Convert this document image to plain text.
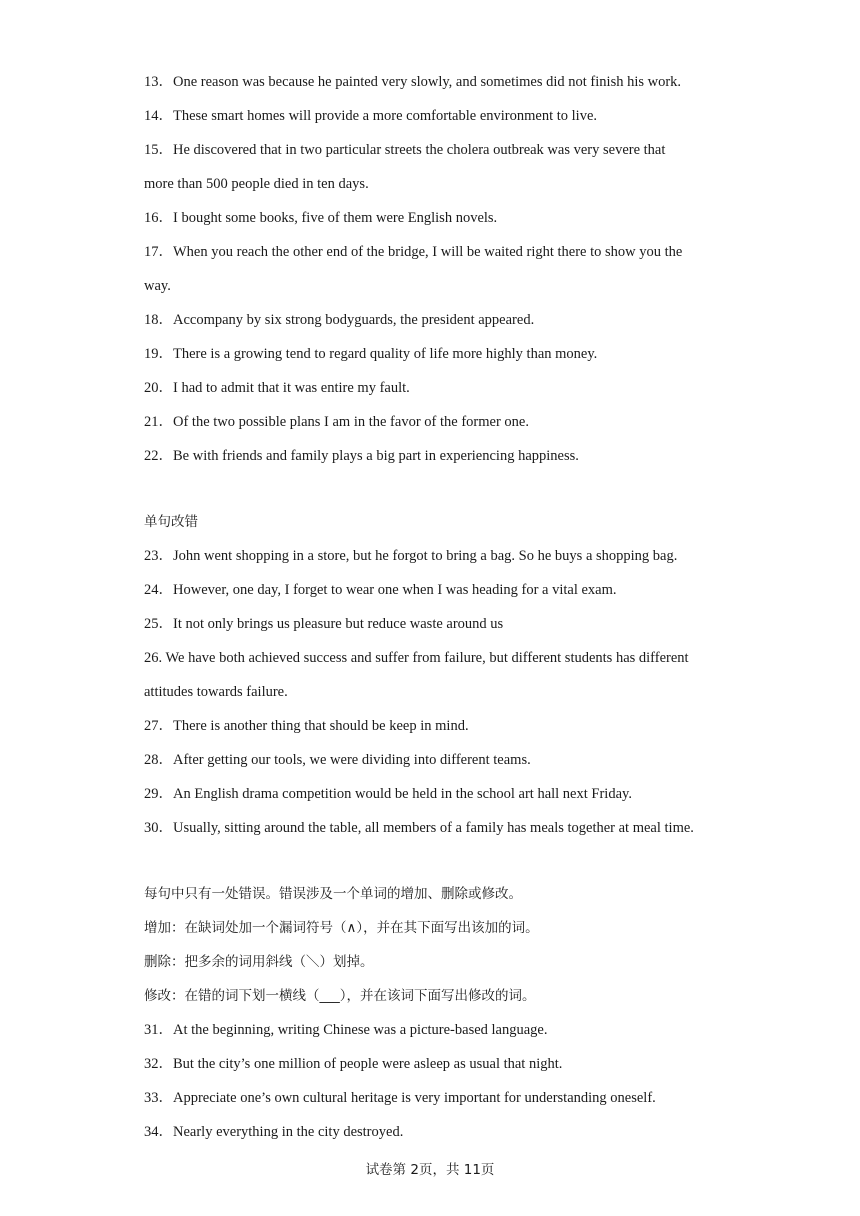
13．One reason was because he painted very slowly, and sometimes did not finish his work.
14．These smart homes will provide a more comfortable environment to live.
15．He discovered that in two particular streets the cholera outbreak was very severe that
more than 500 people died in ten days.
16．I bought some books, five of them were English novels.
17．When you reach the other end of the bridge, I will be waited right there to show you the
way.
18．Accompany by six strong bodyguards, the president appeared.
19．There is a growing tend to regard quality of life more highly than money.
20．I had to admit that it was entire my fault.
21．Of the two possible plans I am in the favor of the former one.
22．Be with friends and family plays a big part in experiencing happiness.
单句改错
23．John went shopping in a store, but he forgot to bring a bag. So he buys a shopping bag.
24．However, one day, I forget to wear one when I was heading for a vital exam.
25．It not only brings us pleasure but reduce waste around us
26. We have both achieved success and suffer from failure, but different students has different
attitudes towards failure.
27．There is another thing that should be keep in mind.
28．After getting our tools, we were dividing into different teams.
29．An English drama competition would be held in the school art hall next Friday.
30．Usually, sitting around the table, all members of a family has meals together at meal time.
每句中只有一处错误。错误涉及一个单词的增加、删除或修改。
增加：在缺词处加一个漏词符号（∧），并在其下面写出该加的词。
删除：把多余的词用斜线（＼）划掉。
修改：在错的词下划一横线（___），并在该词下面写出修改的词。
31．At the beginning, writing Chinese was a picture-based language.
32．But the city’s one million of people were asleep as usual that night.
33．Appreciate one’s own cultural heritage is very important for understanding oneself.
34．Nearly everything in the city destroyed.
试卷第 2页，共 11页
